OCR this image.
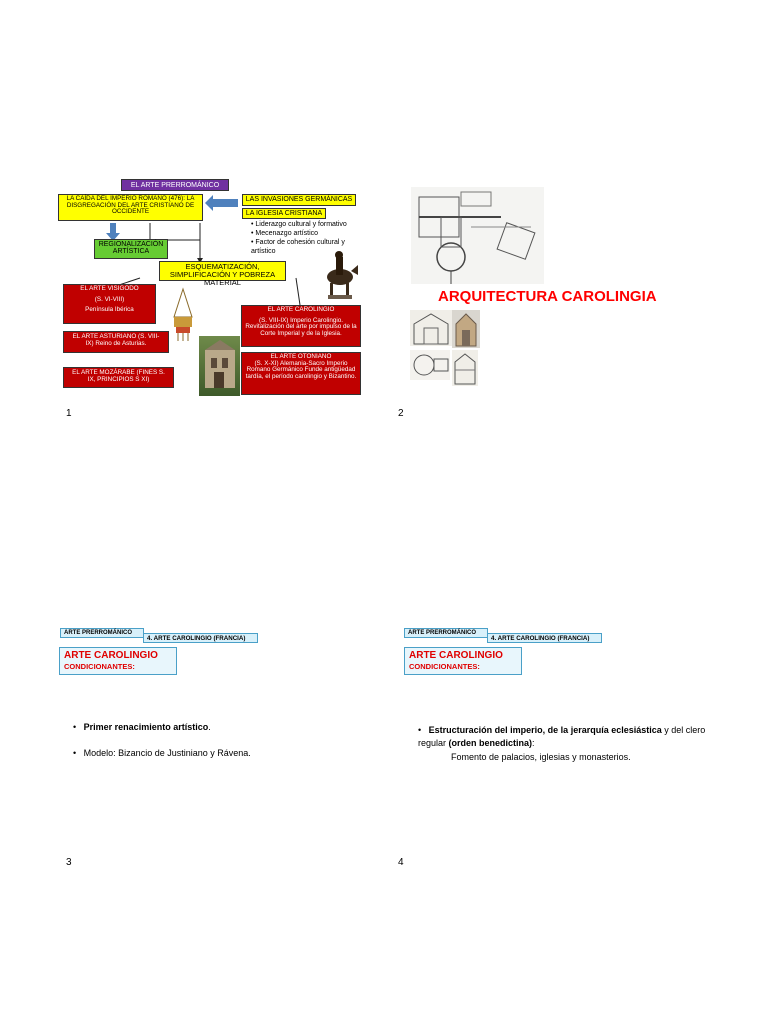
EL ARTE PRERROMÁNICO
LA CAÍDA DEL IMPERIO ROMANO (476): LA DISGREGACIÓN DEL ARTE CRISTIANO DE OCCIDENTE
LAS INVASIONES GERMÁNICAS
LA IGLESIA CRISTIANA
• Liderazgo cultural y formativo
• Mecenazgo artístico
• Factor de cohesión cultural y artístico
REGIONALIZACIÓN ARTÍSTICA
ESQUEMATIZACIÓN, SIMPLIFICACIÓN Y POBREZA MATERIAL
EL ARTE VISIGODO
(S. VI-VIII)
Península Ibérica
EL ARTE ASTURIANO (S. VIII-IX) Reino de Asturias.
EL ARTE MOZÁRABE (FINES S. IX, PRINCIPIOS S XI)
EL ARTE CAROLINGIO
(S. VIII-IX) Imperio Carolingio. Revitalización del arte por impulso de la Corte Imperial y de la Iglesia.
EL ARTE OTONIANO
(S. X-XI) Alemania-Sacro Imperio Romano Germánico Funde antigüedad tardía, el período carolingio y Bizantino.
1
ARQUITECTURA CAROLINGIA
2
ARTE PRERROMÁNICO
4. ARTE CAROLINGIO (FRANCIA)
ARTE CAROLINGIO
CONDICIONANTES:
•   Primer renacimiento artístico.
•   Modelo: Bizancio de Justiniano y Rávena.
3
ARTE PRERROMÁNICO
4. ARTE CAROLINGIO (FRANCIA)
ARTE CAROLINGIO
CONDICIONANTES:
•   Estructuración del imperio, de la jerarquía eclesiástica y del clero regular (orden benedictina):
Fomento de palacios, iglesias y monasterios.
4
